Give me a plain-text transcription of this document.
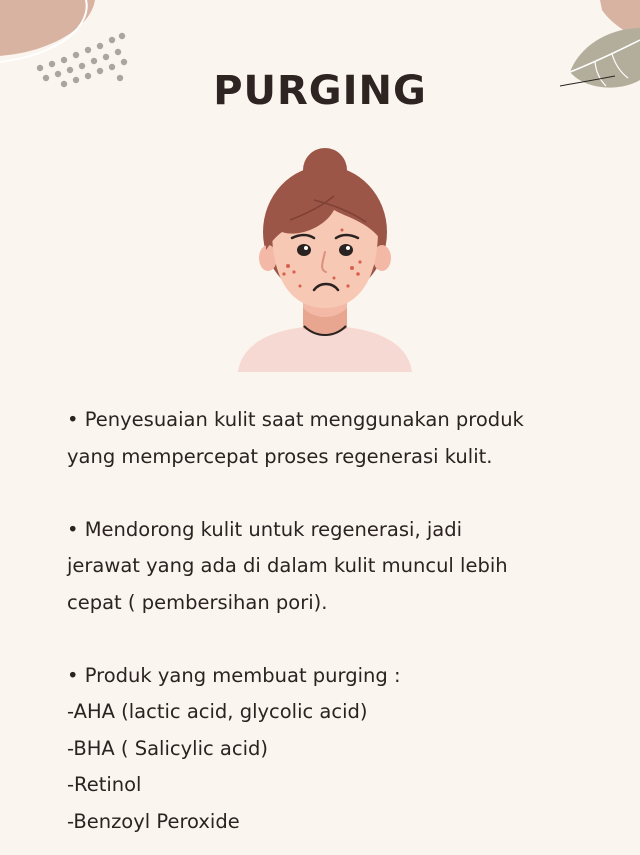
PURGING

• Penyesuaian kulit saat menggunakan produk
yang mempercepat proses regenerasi kulit.

• Mendorong kulit untuk regenerasi, jadi
jerawat yang ada di dalam kulit muncul lebih
cepat ( pembersihan pori).

• Produk yang membuat purging :
-AHA (lactic acid, glycolic acid)
-BHA ( Salicylic acid)
-Retinol
-Benzoyl Peroxide
